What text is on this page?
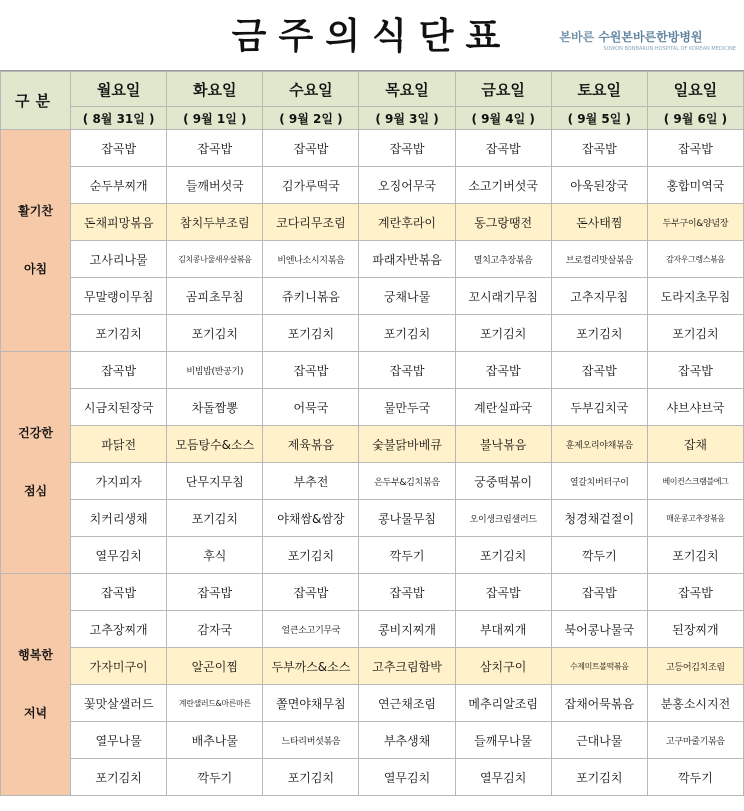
금주의식단표	본바른 수원본바른한방병원
SUWON BONBARUN HOSPITAL OF KOREAN MEDICINE
구분	월요일	화요일	수요일	목요일	금요일	토요일	일요일
	( 8월 31일 )	( 9월 1일 )	( 9월 2일 )	( 9월 3일 )	( 9월 4일 )	( 9월 5일 )	( 9월 6일 )

활기찬
아침	잡곡밥	잡곡밥	잡곡밥	잡곡밥	잡곡밥	잡곡밥	잡곡밥
	순두부찌개	들깨버섯국	김가루떡국	오징어무국	소고기버섯국	아욱된장국	홍합미역국
	돈채피망볶음	참치두부조림	코다리무조림	계란후라이	동그랑땡전	돈사태찜	두부구이&양념장
	고사리나물	김치콩나물새우살볶음	비엔나소시지볶음	파래자반볶음	멸치고추장볶음	브로컬리맛살볶음	감자우그렝스볶음
	무말랭이무침	곰피초무침	쥬키니볶음	궁채나물	꼬시래기무침	고추지무침	도라지초무침
	포기김치	포기김치	포기김치	포기김치	포기김치	포기김치	포기김치

건강한
점심	잡곡밥	비빔밥(반공기)	잡곡밥	잡곡밥	잡곡밥	잡곡밥	잡곡밥
	시금치된장국	차돌짬뽕	어묵국	물만두국	계란실파국	두부김치국	샤브샤브국
	파닭전	모듬탕수&소스	제육볶음	숯불닭바베큐	불낙볶음	훈제오리야채볶음	잡채
	가지피자	단무지무침	부추전	은두부&김치볶음	궁중떡볶이	열갈치버터구이	베이컨스크램블에그
	치커리생채	포기김치	야채쌈&쌈장	콩나물무침	오이생크림샐러드	청경채겉절이	매운콩고추장볶음
	열무김치	후식	포기김치	깍두기	포기김치	깍두기	포기김치

행복한
저녁	잡곡밥	잡곡밥	잡곡밥	잡곡밥	잡곡밥	잡곡밥	잡곡밥
	고추장찌개	감자국	얼큰소고기무국	콩비지찌개	부대찌개	북어콩나물국	된장찌개
	가자미구이	알곤이찜	두부까스&소스	고추크림함박	삼치구이	수제미트볼떡볶음	고등어김치조림
	꽃맛살샐러드	계란샐러드&마른마른	쫄면야채무침	연근채조림	메추리알조림	잡채어묵볶음	분홍소시지전
	열무나물	배추나물	느타리버섯볶음	부추생채	들깨무나물	근대나물	고구마줄기볶음
	포기김치	깍두기	포기김치	열무김치	열무김치	포기김치	깍두기
